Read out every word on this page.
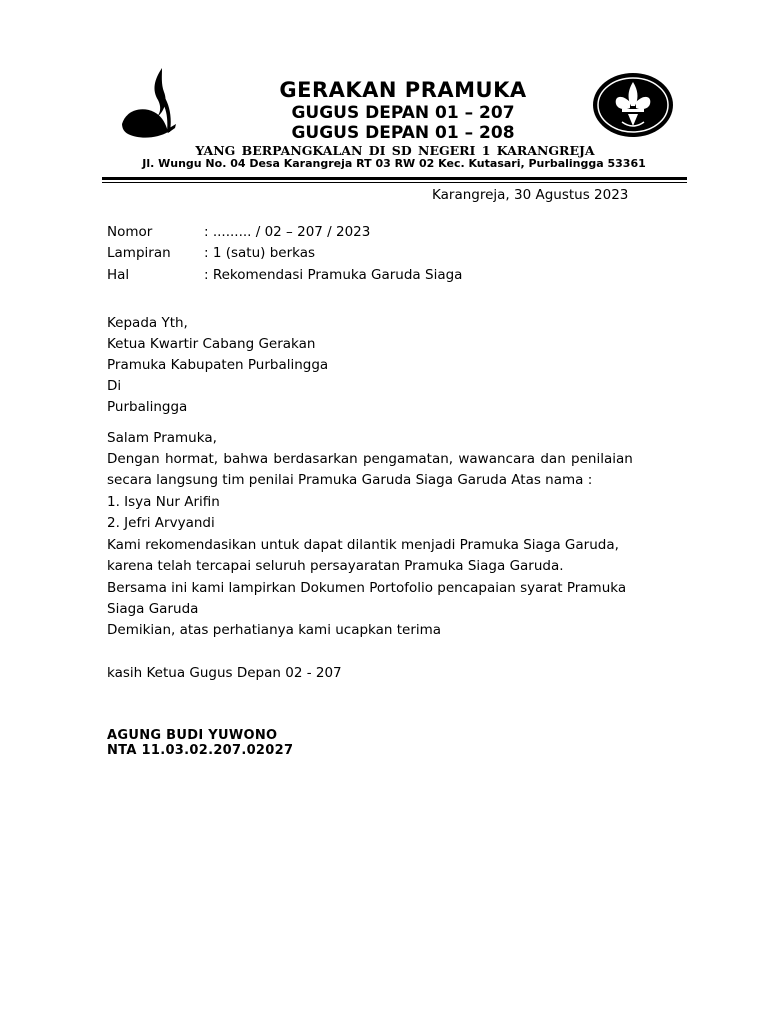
GERAKAN PRAMUKA
GUGUS DEPAN 01 – 207
GUGUS DEPAN 01 – 208
YANG BERPANGKALAN DI SD NEGERI 1 KARANGREJA
Jl. Wungu No. 04 Desa Karangreja RT 03 RW 02 Kec. Kutasari, Purbalingga 53361
Karangreja, 30 Agustus 2023
Nomor	: ......... / 02 – 207 / 2023
Lampiran : 1 (satu) berkas
Hal	: Rekomendasi Pramuka Garuda Siaga
Kepada Yth,
Ketua Kwartir Cabang Gerakan
Pramuka Kabupaten Purbalingga
Di
Purbalingga
Salam Pramuka,
Dengan hormat, bahwa berdasarkan pengamatan, wawancara dan penilaian
secara langsung tim penilai Pramuka Garuda Siaga Garuda Atas nama :
1. Isya Nur Arifin
2. Jefri Arvyandi
Kami rekomendasikan untuk dapat dilantik menjadi Pramuka Siaga Garuda,
karena telah tercapai seluruh persayaratan Pramuka Siaga Garuda.
Bersama ini kami lampirkan Dokumen Portofolio pencapaian syarat Pramuka
Siaga Garuda
Demikian, atas perhatianya kami ucapkan terima
kasih Ketua Gugus Depan 02 - 207
AGUNG BUDI YUWONO
NTA 11.03.02.207.02027
